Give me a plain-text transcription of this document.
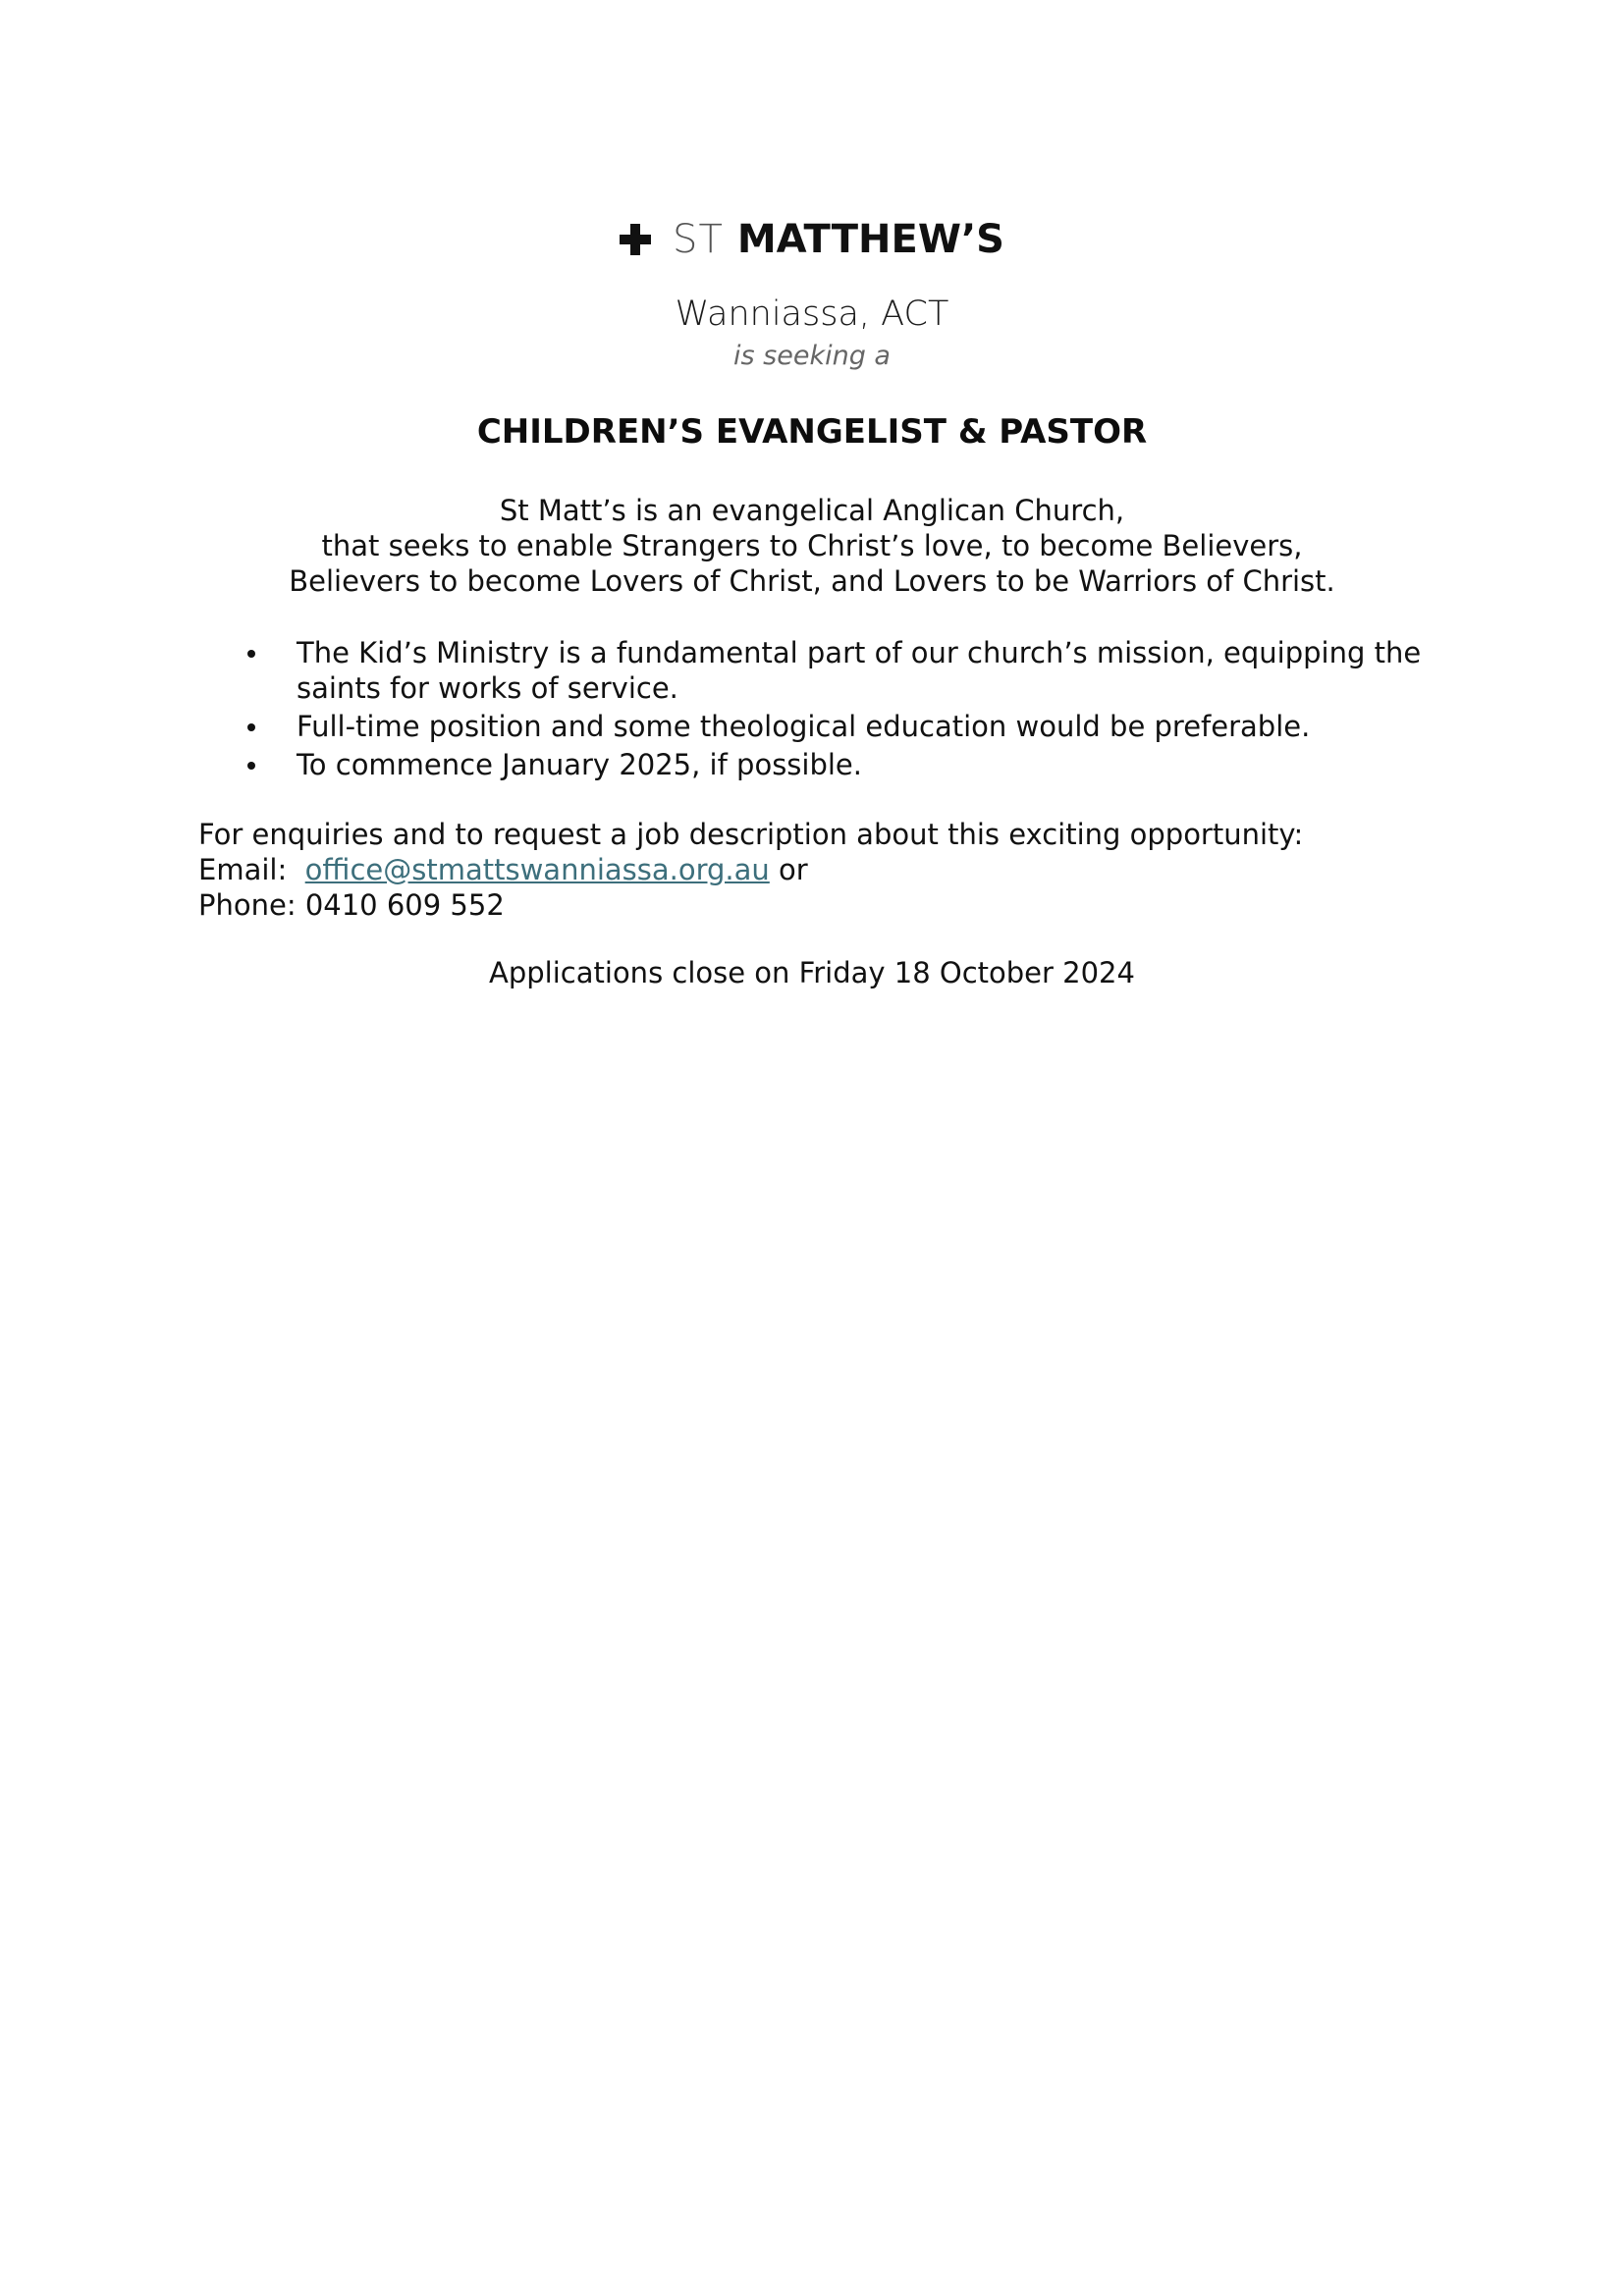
ST MATTHEW’S
Wanniassa, ACT
is seeking a
CHILDREN’S EVANGELIST & PASTOR
St Matt’s is an evangelical Anglican Church,
that seeks to enable Strangers to Christ’s love, to become Believers,
Believers to become Lovers of Christ, and Lovers to be Warriors of Christ.
The Kid’s Ministry is a fundamental part of our church’s mission, equipping the saints for works of service.
Full-time position and some theological education would be preferable.
To commence January 2025, if possible.
For enquiries and to request a job description about this exciting opportunity:
Email: office@stmattswanniassa.org.au or
Phone: 0410 609 552
Applications close on Friday 18 October 2024
